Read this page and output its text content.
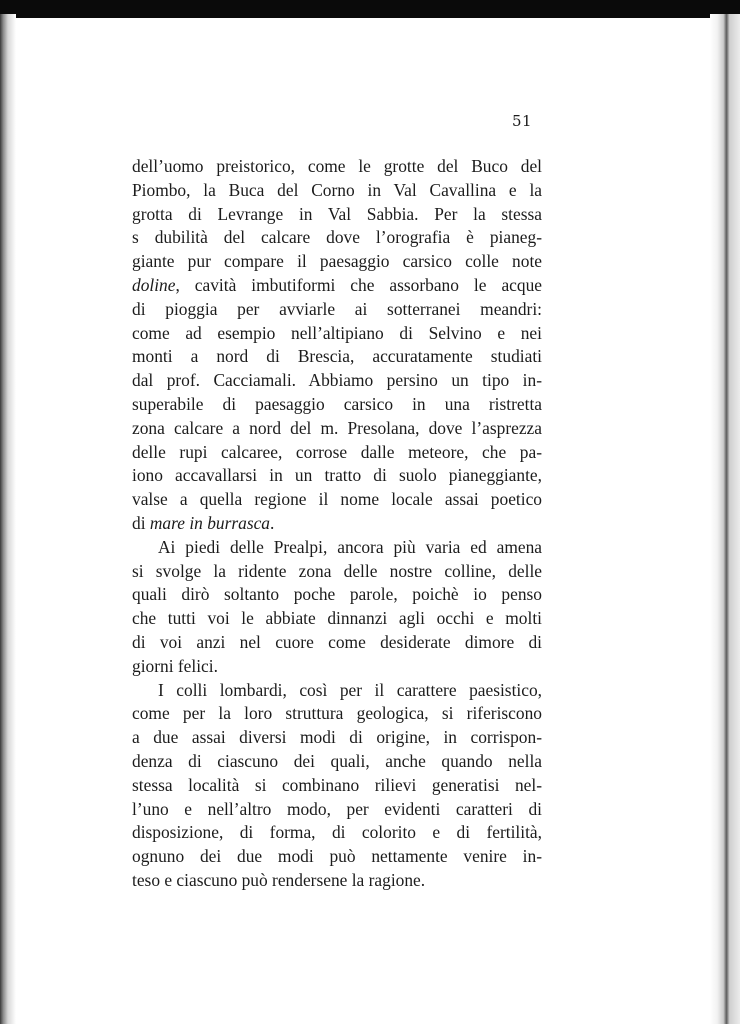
51
dell’uomo preistorico, come le grotte del Buco del
Piombo, la Buca del Corno in Val Cavallina e la
grotta di Levrange in Val Sabbia. Per la stessa
s dubilità del calcare dove l’orografia è pianeg-
giante pur compare il paesaggio carsico colle note
doline, cavità imbutiformi che assorbano le acque
di pioggia per avviarle ai sotterranei meandri:
come ad esempio nell’altipiano di Selvino e nei
monti a nord di Brescia, accuratamente studiati
dal prof. Cacciamali. Abbiamo persino un tipo in-
superabile di paesaggio carsico in una ristretta
zona calcare a nord del m. Presolana, dove l’asprezza
delle rupi calcaree, corrose dalle meteore, che pa-
iono accavallarsi in un tratto di suolo pianeggiante,
valse a quella regione il nome locale assai poetico
di mare in burrasca.
Ai piedi delle Prealpi, ancora più varia ed amena
si svolge la ridente zona delle nostre colline, delle
quali dirò soltanto poche parole, poichè io penso
che tutti voi le abbiate dinnanzi agli occhi e molti
di voi anzi nel cuore come desiderate dimore di
giorni felici.
I colli lombardi, così per il carattere paesistico,
come per la loro struttura geologica, si riferiscono
a due assai diversi modi di origine, in corrispon-
denza di ciascuno dei quali, anche quando nella
stessa località si combinano rilievi generatisi nel-
l’uno e nell’altro modo, per evidenti caratteri di
disposizione, di forma, di colorito e di fertilità,
ognuno dei due modi può nettamente venire in-
teso e ciascuno può rendersene la ragione.
